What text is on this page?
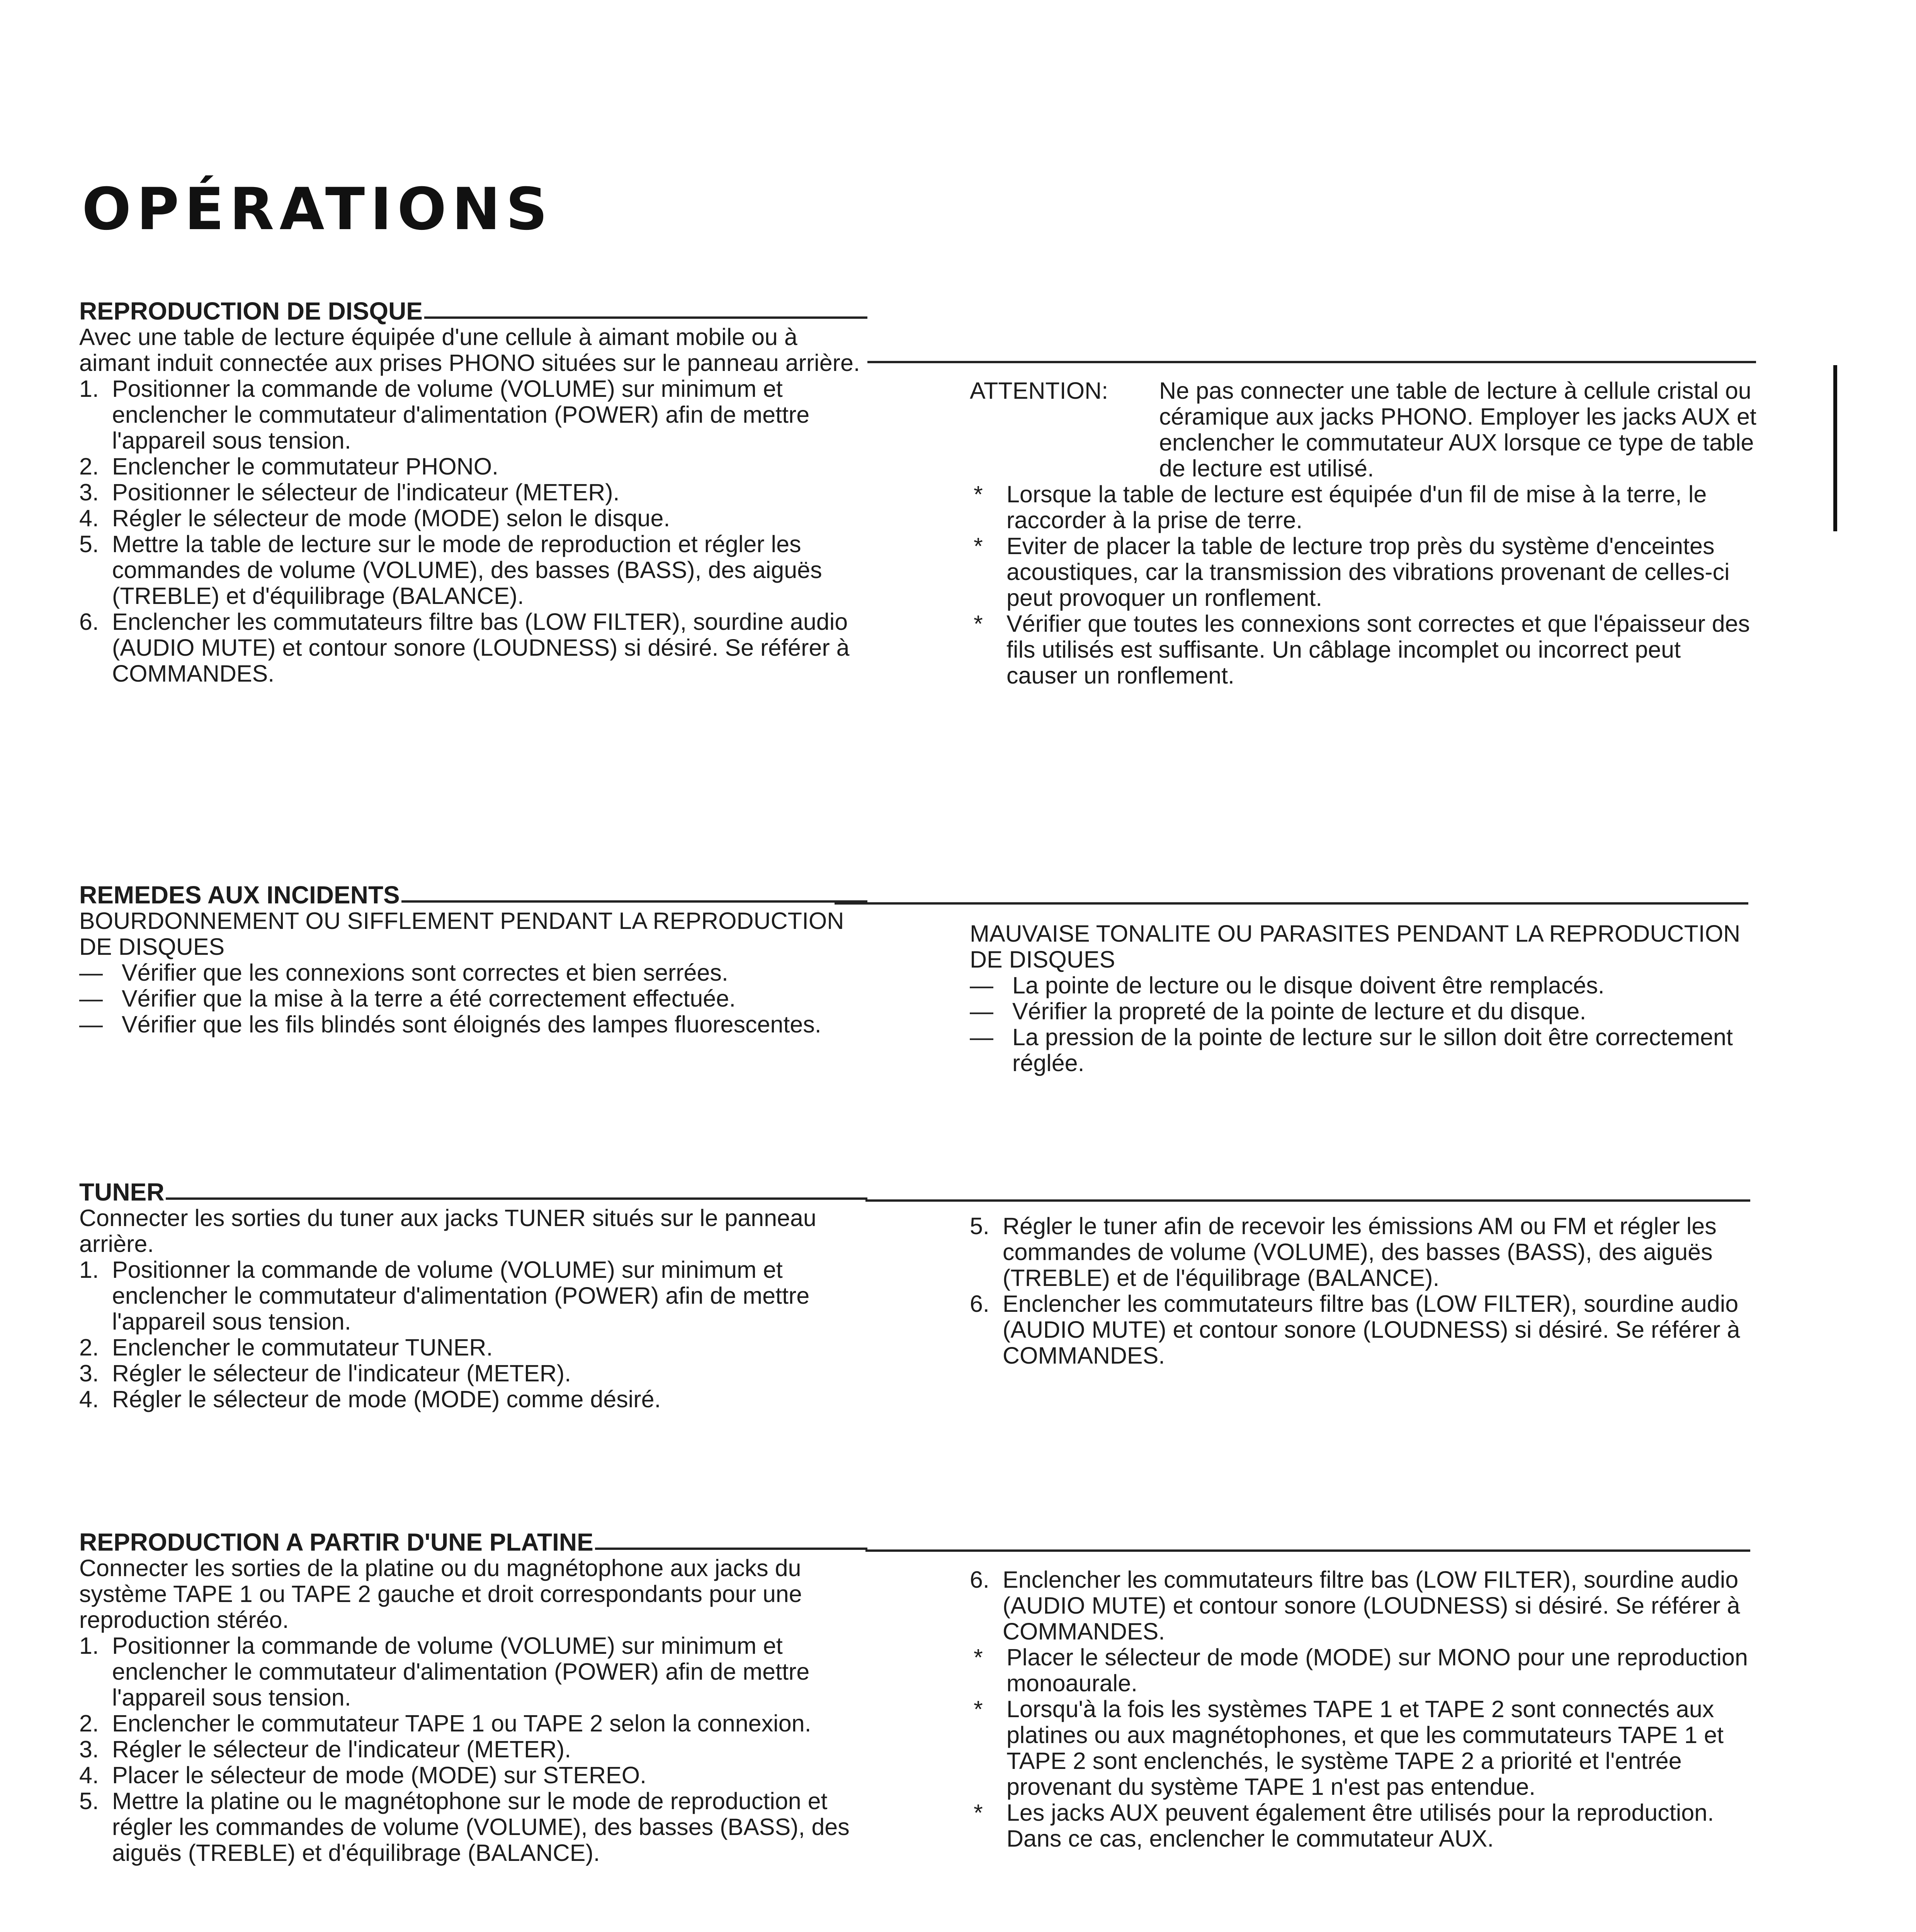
OPÉRATIONS
REPRODUCTION DE DISQUE

Avec une table de lecture équipée d'une cellule à aimant mobile ou à aimant induit connectée aux prises PHONO situées sur le panneau arrière.

1. Positionner la commande de volume (VOLUME) sur minimum et enclencher le commutateur d'alimentation (POWER) afin de mettre l'appareil sous tension.
2. Enclencher le commutateur PHONO.
3. Positionner le sélecteur de l'indicateur (METER).
4. Régler le sélecteur de mode (MODE) selon le disque.
5. Mettre la table de lecture sur le mode de reproduction et régler les commandes de volume (VOLUME), des basses (BASS), des aiguës (TREBLE) et d'équilibrage (BALANCE).
6. Enclencher les commutateurs filtre bas (LOW FILTER), sourdine audio (AUDIO MUTE) et contour sonore (LOUDNESS) si désiré. Se référer à COMMANDES.
ATTENTION:	Ne pas connecter une table de lecture à cellule cristal ou céramique aux jacks PHONO. Employer les jacks AUX et enclencher le commutateur AUX lorsque ce type de table de lecture est utilisé.
*	Lorsque la table de lecture est équipée d'un fil de mise à la terre, le raccorder à la prise de terre.
*	Eviter de placer la table de lecture trop près du système d'enceintes acoustiques, car la transmission des vibrations provenant de celles-ci peut provoquer un ronflement.
*	Vérifier que toutes les connexions sont correctes et que l'épaisseur des fils utilisés est suffisante. Un câblage incomplet ou incorrect peut causer un ronflement.
REMEDES AUX INCIDENTS

BOURDONNEMENT OU SIFFLEMENT PENDANT LA REPRODUCTION DE DISQUES

— Vérifier que les connexions sont correctes et bien serrées.
— Vérifier que la mise à la terre a été correctement effectuée.
— Vérifier que les fils blindés sont éloignés des lampes fluorescentes.

MAUVAISE TONALITE OU PARASITES PENDANT LA REPRODUCTION DE DISQUES

— La pointe de lecture ou le disque doivent être remplacés.
— Vérifier la propreté de la pointe de lecture et du disque.
— La pression de la pointe de lecture sur le sillon doit être correctement réglée.
TUNER

Connecter les sorties du tuner aux jacks TUNER situés sur le panneau arrière.

1. Positionner la commande de volume (VOLUME) sur minimum et enclencher le commutateur d'alimentation (POWER) afin de mettre l'appareil sous tension.
2. Enclencher le commutateur TUNER.
3. Régler le sélecteur de l'indicateur (METER).
4. Régler le sélecteur de mode (MODE) comme désiré.
5. Régler le tuner afin de recevoir les émissions AM ou FM et régler les commandes de volume (VOLUME), des basses (BASS), des aiguës (TREBLE) et de l'équilibrage (BALANCE).
6. Enclencher les commutateurs filtre bas (LOW FILTER), sourdine audio (AUDIO MUTE) et contour sonore (LOUDNESS) si désiré. Se référer à COMMANDES.
REPRODUCTION A PARTIR D'UNE PLATINE

Connecter les sorties de la platine ou du magnétophone aux jacks du système TAPE 1 ou TAPE 2 gauche et droit correspondants pour une reproduction stéréo.

1. Positionner la commande de volume (VOLUME) sur minimum et enclencher le commutateur d'alimentation (POWER) afin de mettre l'appareil sous tension.
2. Enclencher le commutateur TAPE 1 ou TAPE 2 selon la connexion.
3. Régler le sélecteur de l'indicateur (METER).
4. Placer le sélecteur de mode (MODE) sur STEREO.
5. Mettre la platine ou le magnétophone sur le mode de reproduction et régler les commandes de volume (VOLUME), des basses (BASS), des aiguës (TREBLE) et d'équilibrage (BALANCE).
6. Enclencher les commutateurs filtre bas (LOW FILTER), sourdine audio (AUDIO MUTE) et contour sonore (LOUDNESS) si désiré. Se référer à COMMANDES.
*	Placer le sélecteur de mode (MODE) sur MONO pour une reproduction monoaurale.
*	Lorsqu'à la fois les systèmes TAPE 1 et TAPE 2 sont connectés aux platines ou aux magnétophones, et que les commutateurs TAPE 1 et TAPE 2 sont enclenchés, le système TAPE 2 a priorité et l'entrée provenant du système TAPE 1 n'est pas entendue.
*	Les jacks AUX peuvent également être utilisés pour la reproduction. Dans ce cas, enclencher le commutateur AUX.
